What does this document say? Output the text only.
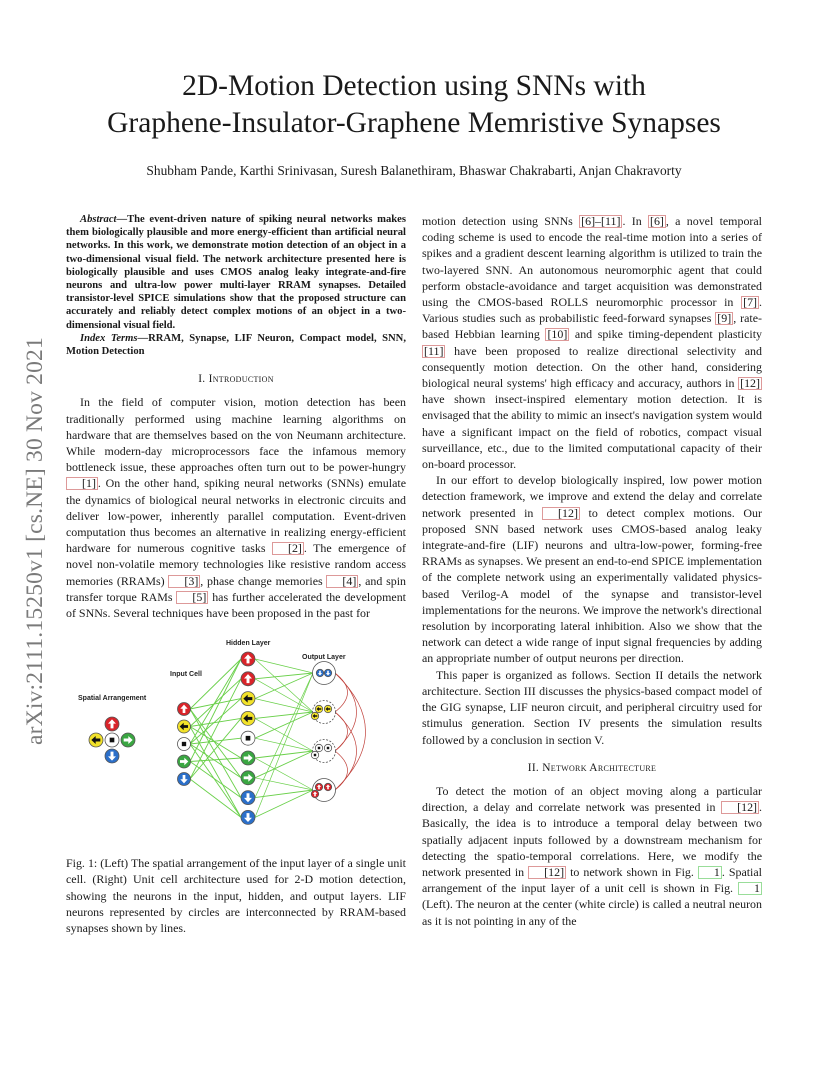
2D-Motion Detection using SNNs with
Graphene-Insulator-Graphene Memristive Synapses

Shubham Pande, Karthi Srinivasan, Suresh Balanethiram, Bhaswar Chakrabarti, Anjan Chakravorty

arXiv:2111.15250v1 [cs.NE] 30 Nov 2021

Abstract—The event-driven nature of spiking neural networks makes them biologically plausible and more energy-efficient than artificial neural networks. In this work, we demonstrate motion detection of an object in a two-dimensional visual field. The network architecture presented here is biologically plausible and uses CMOS analog leaky integrate-and-fire neurons and ultra-low power multi-layer RRAM synapses. Detailed transistor-level SPICE simulations show that the proposed structure can accurately and reliably detect complex motions of an object in a two-dimensional visual field.

Index Terms—RRAM, Synapse, LIF Neuron, Compact model, SNN, Motion Detection

I. Introduction

In the field of computer vision, motion detection has been traditionally performed using machine learning algorithms on hardware that are themselves based on the von Neumann architecture. While modern-day microprocessors face the infamous memory bottleneck issue, these approaches often turn out to be power-hungry [1] . On the other hand, spiking neural networks (SNNs) emulate the dynamics of biological neural networks in electronic circuits and deliver low-power, inherently parallel computation. Event-driven computation thus becomes an alternative in realizing energy-efficient hardware for numerous cognitive tasks [2] . The emergence of novel non-volatile memory technologies like resistive random access memories (RRAMs) [3] , phase change memories [4] , and spin transfer torque RAMs [5] has further accelerated the development of SNNs. Several techniques have been proposed in the past for

Spatial Arrangement
Input Cell
Hidden Layer
Output Layer

Fig. 1: (Left) The spatial arrangement of the input layer of a single unit cell. (Right) Unit cell architecture used for 2-D motion detection, showing the neurons in the input, hidden, and output layers. LIF neurons represented by circles are interconnected by RRAM-based synapses shown by lines.

motion detection using SNNs [6]–[11] . In [6] , a novel temporal coding scheme is used to encode the real-time motion into a series of spikes and a gradient descent learning algorithm is utilized to train the two-layered SNN. An autonomous neuromorphic agent that could perform obstacle-avoidance and target acquisition was demonstrated using the CMOS-based ROLLS neuromorphic processor in [7] . Various studies such as probabilistic feed-forward synapses [9] , rate-based Hebbian learning [10] and spike timing-dependent plasticity [11] have been proposed to realize directional selectivity and consequently motion detection. On the other hand, considering biological neural systems' high efficacy and accuracy, authors in [12] have shown insect-inspired elementary motion detection. It is envisaged that the ability to mimic an insect's navigation system would have a significant impact on the field of robotics, compact visual surveillance, etc., due to the limited computational capacity of their on-board processor.

In our effort to develop biologically inspired, low power motion detection framework, we improve and extend the delay and correlate network presented in [12] to detect complex motions. Our proposed SNN based network uses CMOS-based analog leaky integrate-and-fire (LIF) neurons and ultra-low-power, forming-free RRAMs as synapses. We present an end-to-end SPICE implementation of the complete network using an experimentally validated physics-based Verilog-A model of the synapse and transistor-level implementations for the neurons. We improve the network's directional resolution by incorporating lateral inhibition. Also we show that the network can detect a wide range of input signal frequencies by adding an appropriate number of output neurons per direction.

This paper is organized as follows. Section II details the network architecture. Section III discusses the physics-based compact model of the GIG synapse, LIF neuron circuit, and peripheral circuitry used for stimulus generation. Section IV presents the simulation results followed by a conclusion in section V.

II. Network Architecture

To detect the motion of an object moving along a particular direction, a delay and correlate network was presented in [12] . Basically, the idea is to introduce a temporal delay between two spatially adjacent inputs followed by a downstream mechanism for detecting the spatio-temporal correlations. Here, we modify the network presented in [12] to network shown in Fig. 1 . Spatial arrangement of the input layer of a unit cell is shown in Fig. 1 (Left). The neuron at the center (white circle) is called a neutral neuron as it is not pointing in any of the
